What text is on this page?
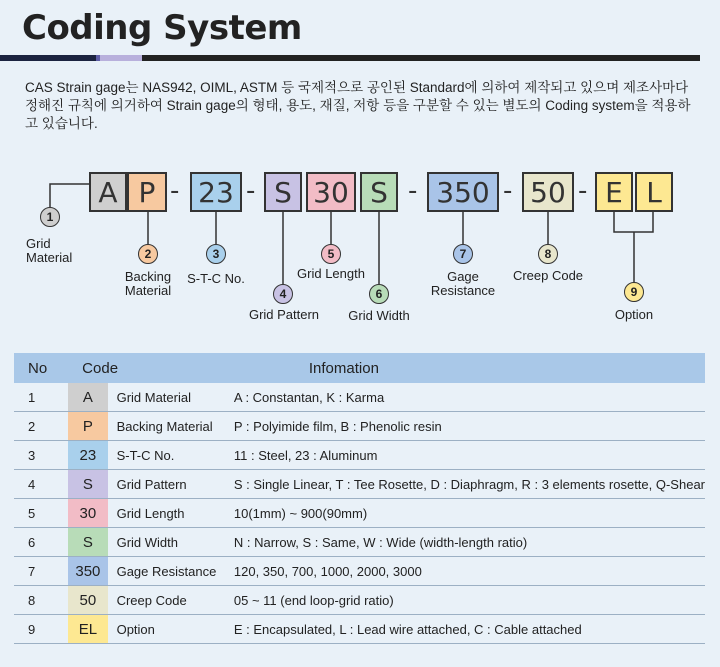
Coding System

CAS Strain gage는 NAS942, OIML, ASTM 등 국제적으로 공인된 Standard에 의하여 제작되고 있으며 제조사마다 정해진 규칙에 의거하여 Strain gage의 형태, 용도, 재질, 저항 등을 구분할 수 있는 별도의 Coding system을 적용하고 있습니다.

A P - 23 - S 30 S - 350 - 50 - E L
1
2	3
4
5
6
7	8
9
Grid
Material
Backing
Material
S-T-C No.
Grid Pattern
Grid Length
Grid Width
Gage
Resistance
Creep Code
Option
No	Code		Infomation
1	A	Grid Material	A : Constantan, K : Karma
2	P	Backing Material	P : Polyimide film, B : Phenolic resin
3	23	S-T-C No.	11 : Steel, 23 : Aluminum
4	S	Grid Pattern	S : Single Linear, T : Tee Rosette, D : Diaphragm, R : 3 elements rosette, Q-Shear
5	30	Grid Length	10(1mm) ~ 900(90mm)
6	S	Grid Width	N : Narrow, S : Same, W : Wide (width-length ratio)
7	350	Gage Resistance	120, 350, 700, 1000, 2000, 3000
8	50	Creep Code	05 ~ 11 (end loop-grid ratio)
9	EL	Option	E : Encapsulated, L : Lead wire attached, C : Cable attached
